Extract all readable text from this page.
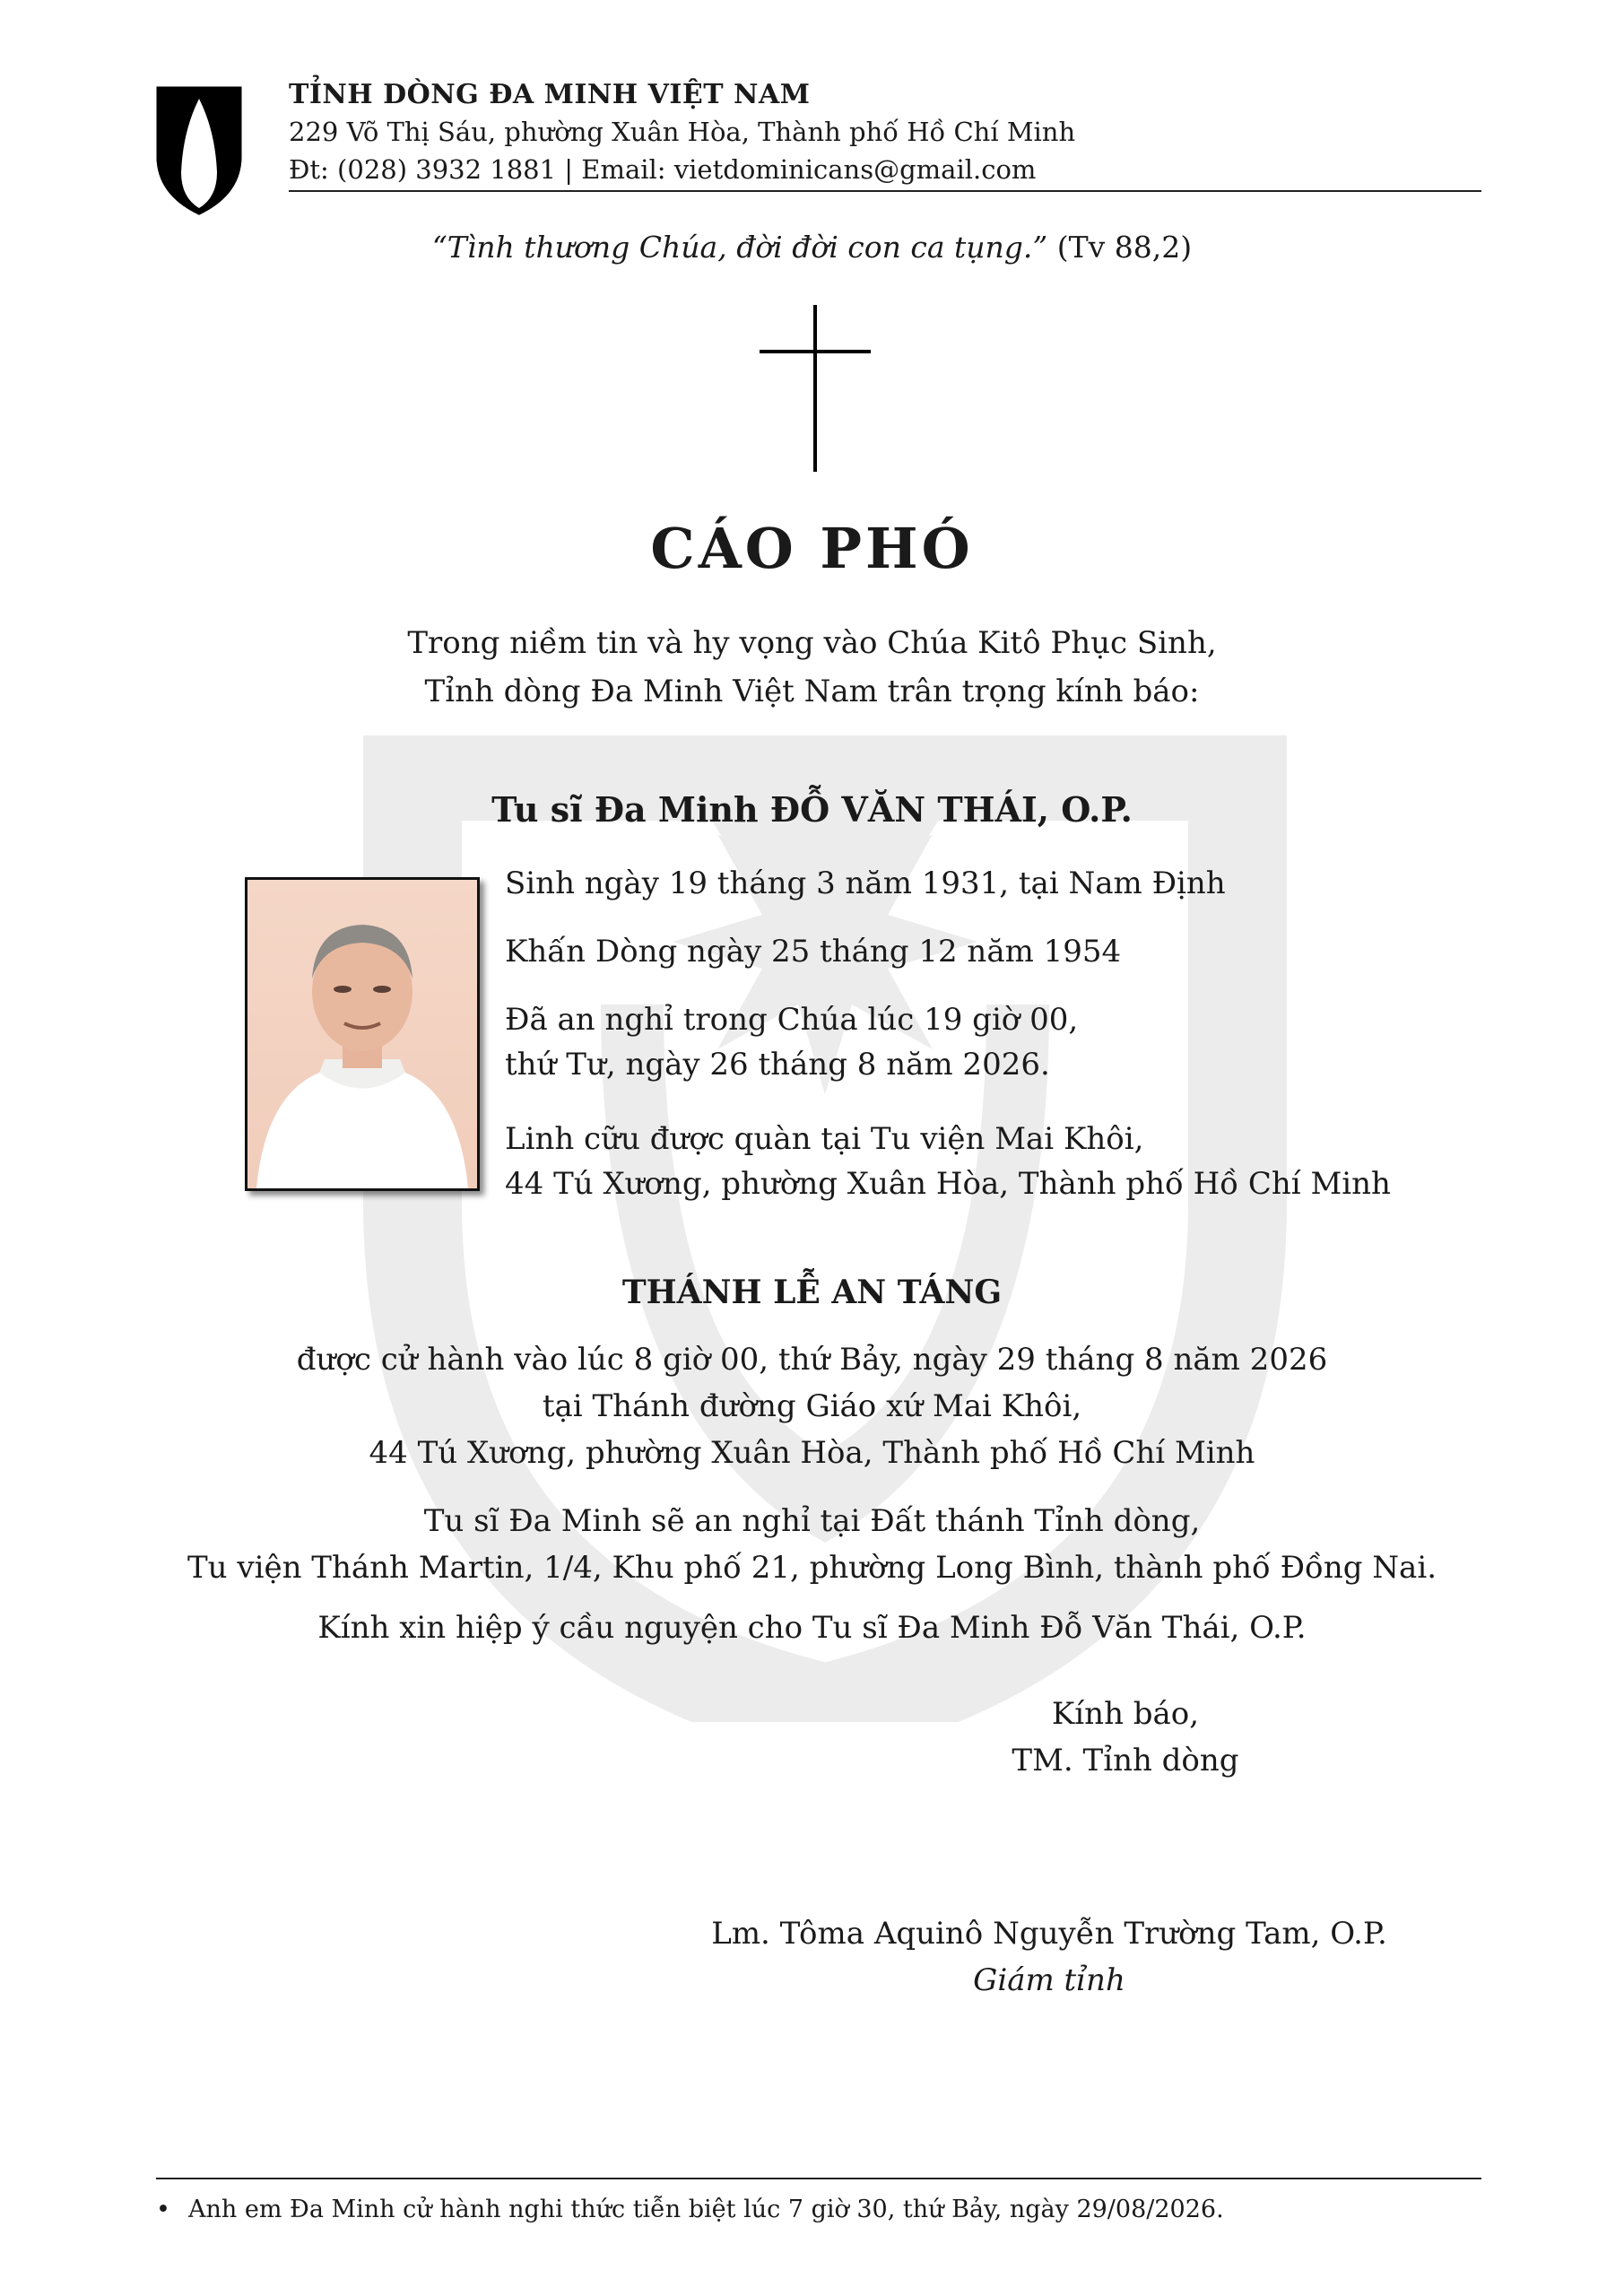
TỈNH DÒNG ĐA MINH VIỆT NAM
229 Võ Thị Sáu, phường Xuân Hòa, Thành phố Hồ Chí Minh
Đt: (028) 3932 1881 | Email: vietdominicans@gmail.com
“Tình thương Chúa, đời đời con ca tụng.” (Tv 88,2)
CÁO PHÓ
Trong niềm tin và hy vọng vào Chúa Kitô Phục Sinh,
Tỉnh dòng Đa Minh Việt Nam trân trọng kính báo:
Tu sĩ Đa Minh ĐỖ VĂN THÁI, O.P.
Sinh ngày 19 tháng 3 năm 1931, tại Nam Định
Khấn Dòng ngày 25 tháng 12 năm 1954
Đã an nghỉ trong Chúa lúc 19 giờ 00,
thứ Tư, ngày 26 tháng 8 năm 2026.
Linh cữu được quàn tại Tu viện Mai Khôi,
44 Tú Xương, phường Xuân Hòa, Thành phố Hồ Chí Minh
THÁNH LỄ AN TÁNG
được cử hành vào lúc 8 giờ 00, thứ Bảy, ngày 29 tháng 8 năm 2026
tại Thánh đường Giáo xứ Mai Khôi,
44 Tú Xương, phường Xuân Hòa, Thành phố Hồ Chí Minh
Tu sĩ Đa Minh sẽ an nghỉ tại Đất thánh Tỉnh dòng,
Tu viện Thánh Martin, 1/4, Khu phố 21, phường Long Bình, thành phố Đồng Nai.
Kính xin hiệp ý cầu nguyện cho Tu sĩ Đa Minh Đỗ Văn Thái, O.P.
Kính báo,
TM. Tỉnh dòng
Lm. Tôma Aquinô Nguyễn Trường Tam, O.P.
Giám tỉnh
• Anh em Đa Minh cử hành nghi thức tiễn biệt lúc 7 giờ 30, thứ Bảy, ngày 29/08/2026.
